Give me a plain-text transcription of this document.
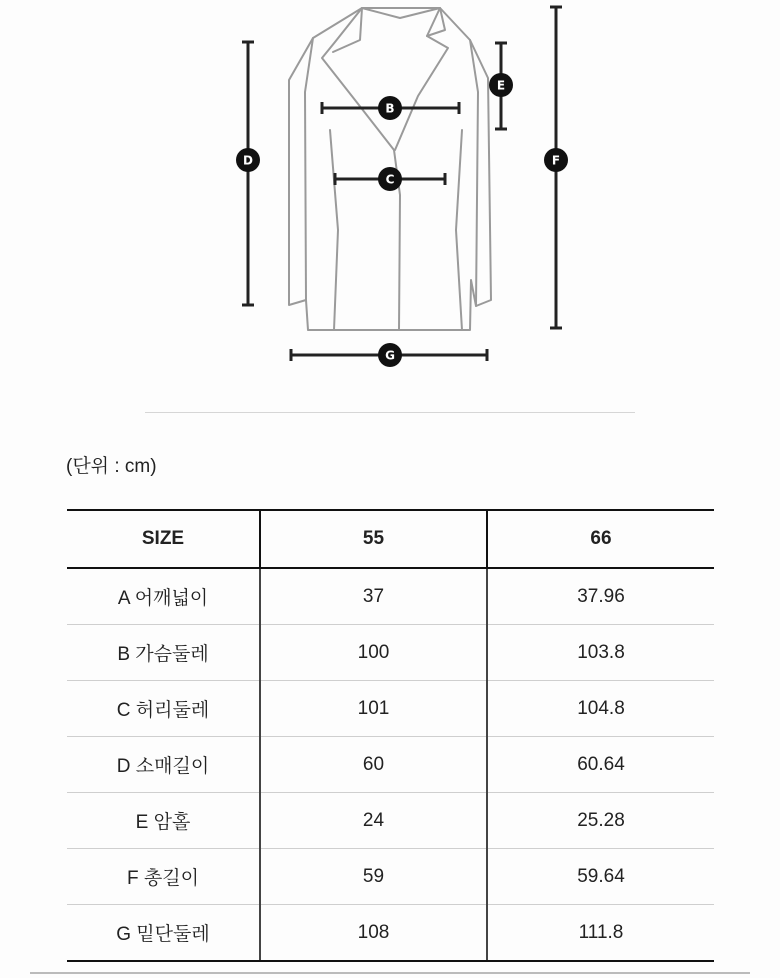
B
C
D
E
F
G
(단위 : cm)
SIZE	55	66
A 어깨넓이	37	37.96
B 가슴둘레	100	103.8
C 허리둘레	101	104.8
D 소매길이	60	60.64
E 암홀	24	25.28
F 총길이	59	59.64
G 밑단둘레	108	111.8
